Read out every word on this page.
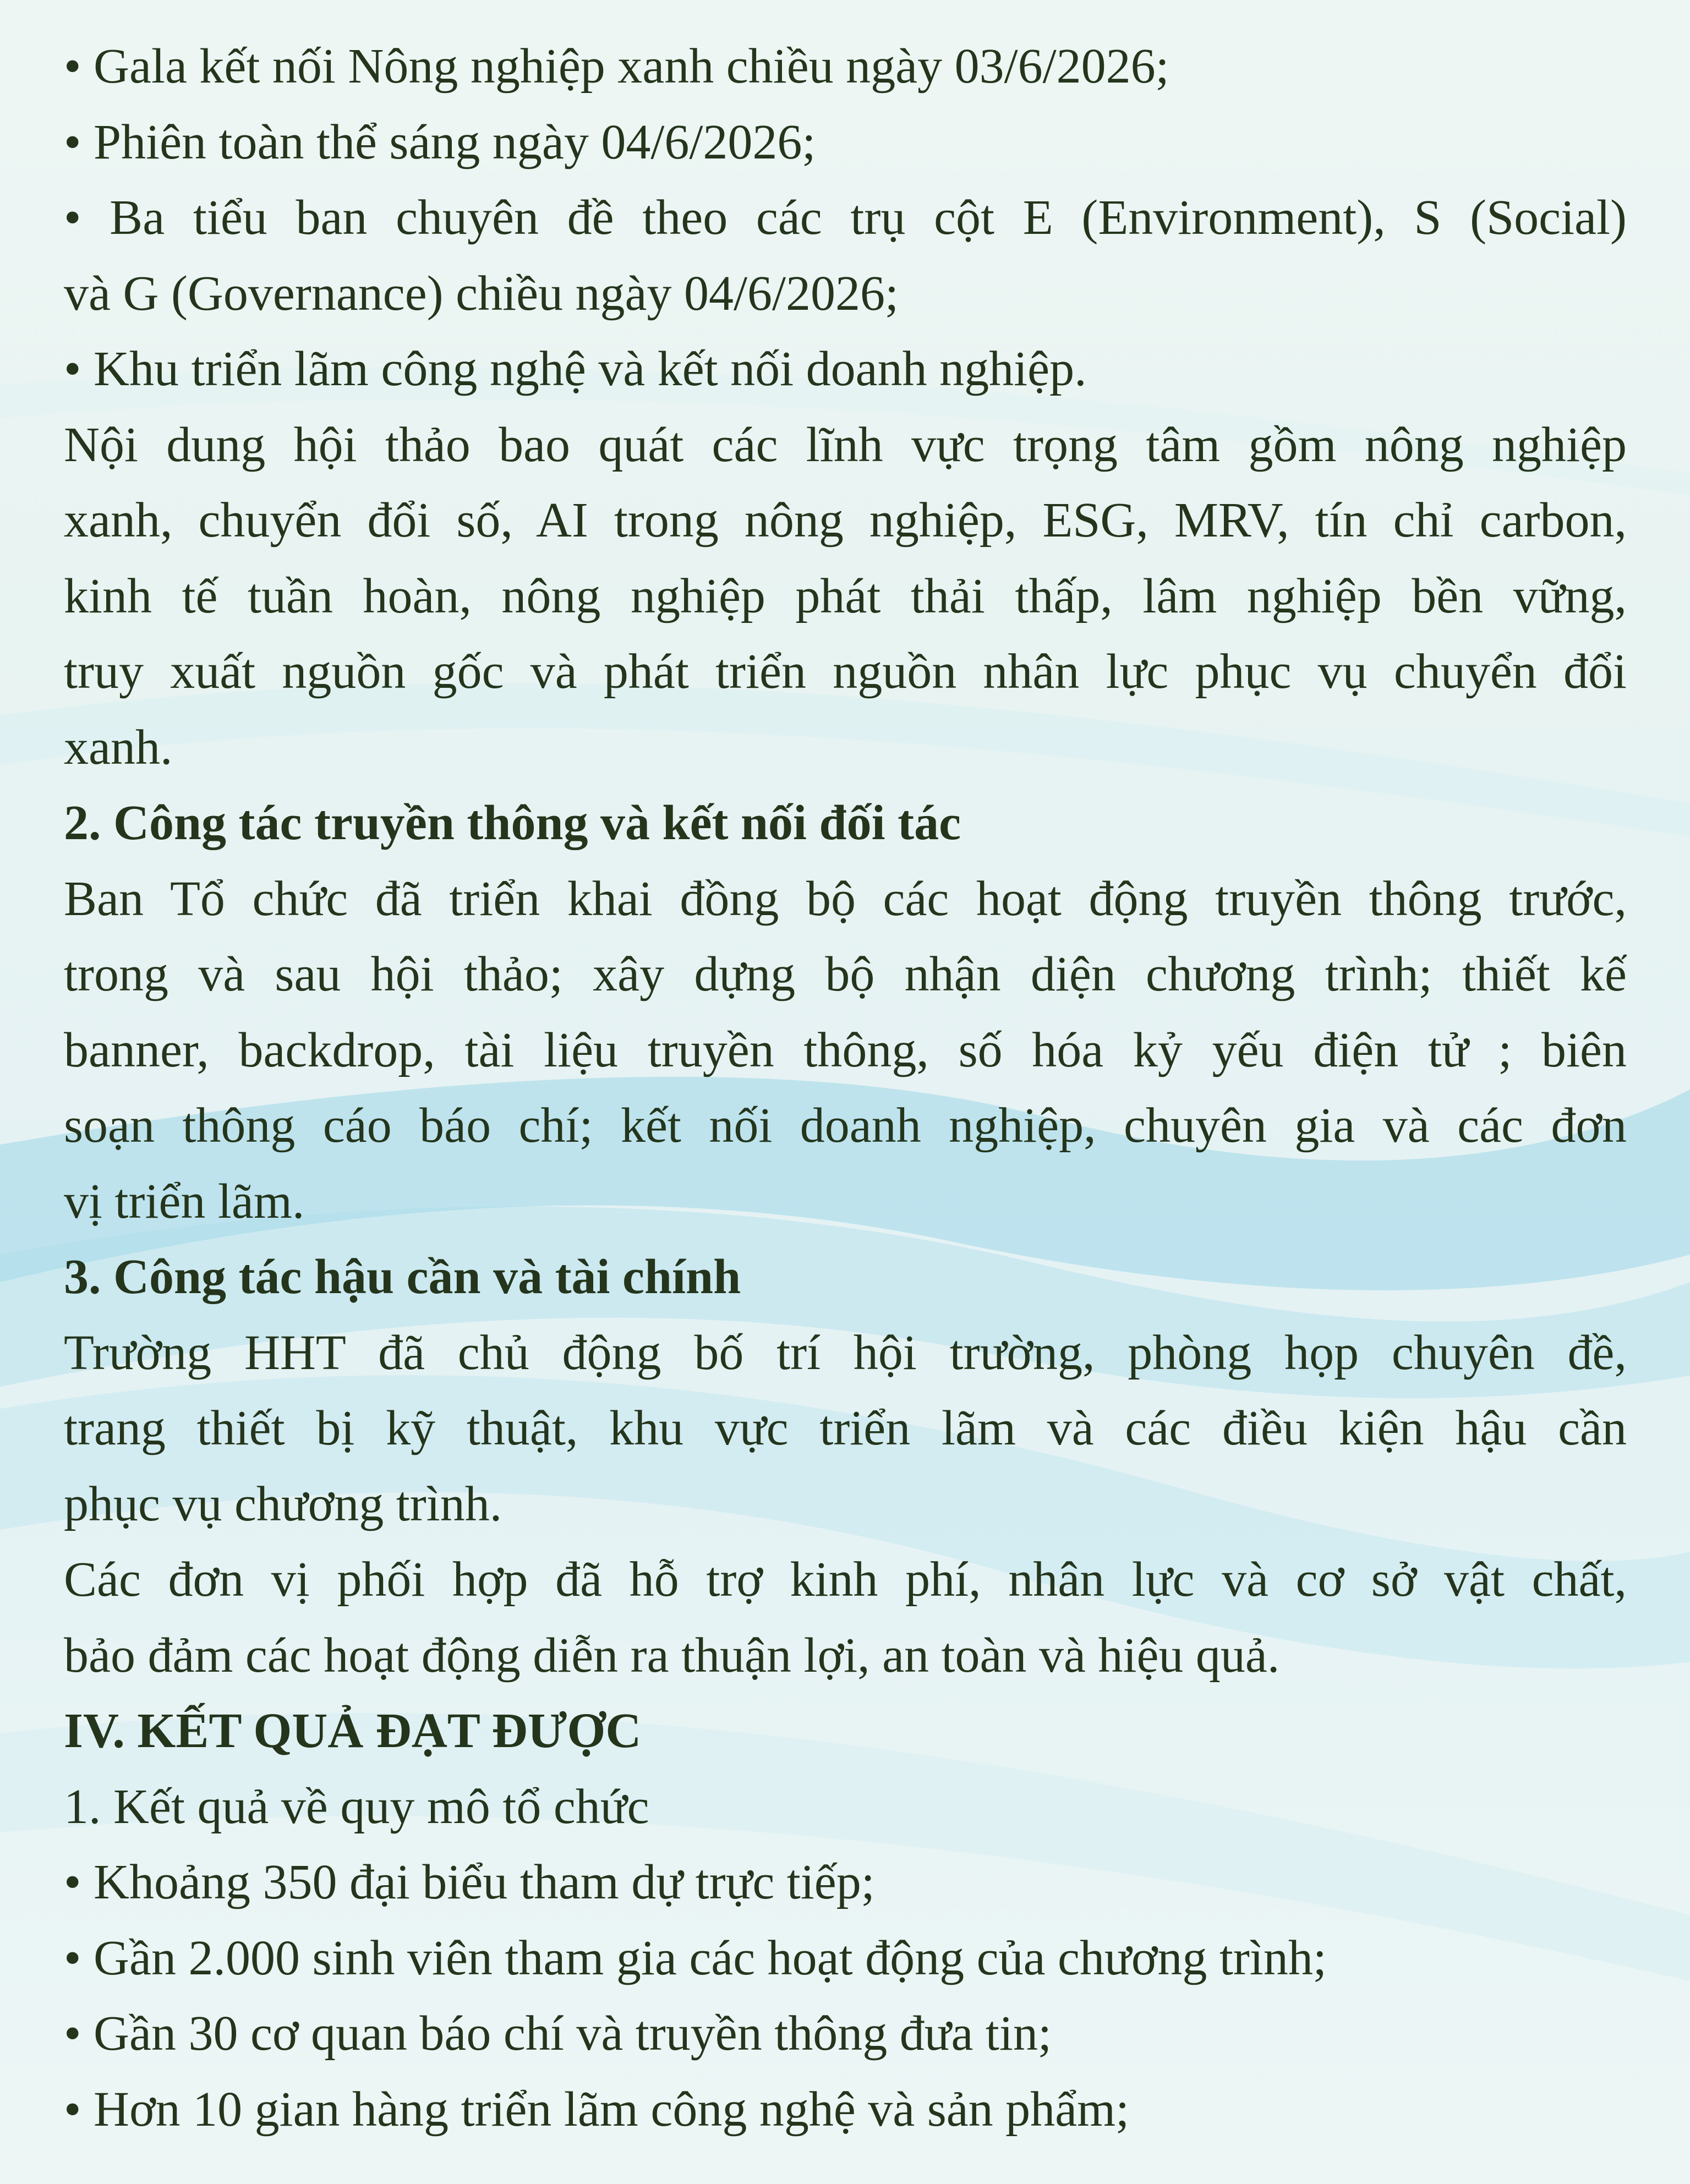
• Gala kết nối Nông nghiệp xanh chiều ngày 03/6/2026;
• Phiên toàn thể sáng ngày 04/6/2026;
• Ba tiểu ban chuyên đề theo các trụ cột E (Environment), S (Social)
và G (Governance) chiều ngày 04/6/2026;
• Khu triển lãm công nghệ và kết nối doanh nghiệp.
Nội dung hội thảo bao quát các lĩnh vực trọng tâm gồm nông nghiệp
xanh, chuyển đổi số, AI trong nông nghiệp, ESG, MRV, tín chỉ carbon,
kinh tế tuần hoàn, nông nghiệp phát thải thấp, lâm nghiệp bền vững,
truy xuất nguồn gốc và phát triển nguồn nhân lực phục vụ chuyển đổi
xanh.
2. Công tác truyền thông và kết nối đối tác
Ban Tổ chức đã triển khai đồng bộ các hoạt động truyền thông trước,
trong và sau hội thảo; xây dựng bộ nhận diện chương trình; thiết kế
banner, backdrop, tài liệu truyền thông, số hóa kỷ yếu điện tử ; biên
soạn thông cáo báo chí; kết nối doanh nghiệp, chuyên gia và các đơn
vị triển lãm.
3. Công tác hậu cần và tài chính
Trường HHT đã chủ động bố trí hội trường, phòng họp chuyên đề,
trang thiết bị kỹ thuật, khu vực triển lãm và các điều kiện hậu cần
phục vụ chương trình.
Các đơn vị phối hợp đã hỗ trợ kinh phí, nhân lực và cơ sở vật chất,
bảo đảm các hoạt động diễn ra thuận lợi, an toàn và hiệu quả.
IV. KẾT QUẢ ĐẠT ĐƯỢC
1. Kết quả về quy mô tổ chức
• Khoảng 350 đại biểu tham dự trực tiếp;
• Gần 2.000 sinh viên tham gia các hoạt động của chương trình;
• Gần 30 cơ quan báo chí và truyền thông đưa tin;
• Hơn 10 gian hàng triển lãm công nghệ và sản phẩm;
